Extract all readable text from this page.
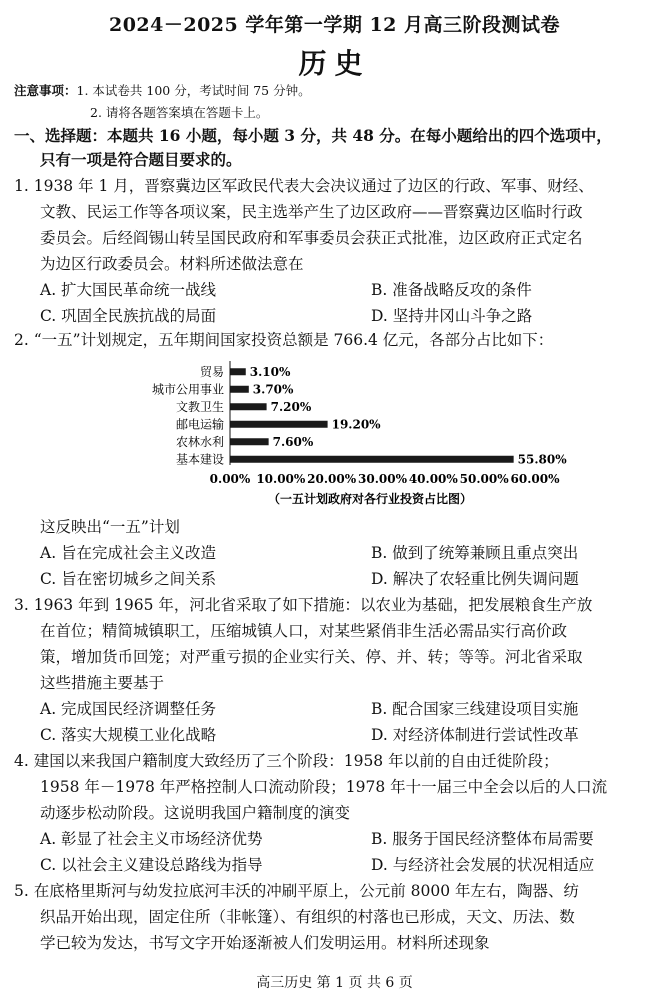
2024－2025 学年第一学期 12 月高三阶段测试卷
历史
注意事项：1. 本试卷共 100 分，考试时间 75 分钟。
2. 请将各题答案填在答题卡上。
一、选择题：本题共 16 小题，每小题 3 分，共 48 分。在每小题给出的四个选项中，
只有一项是符合题目要求的。
1. 1938 年 1 月，晋察冀边区军政民代表大会决议通过了边区的行政、军事、财经、
文教、民运工作等各项议案，民主选举产生了边区政府——晋察冀边区临时行政
委员会。后经阎锡山转呈国民政府和军事委员会获正式批准，边区政府正式定名
为边区行政委员会。材料所述做法意在
A. 扩大国民革命统一战线	B. 准备战略反攻的条件
C. 巩固全民族抗战的局面	D. 坚持井冈山斗争之路
2. “一五”计划规定，五年期间国家投资总额是 766.4 亿元，各部分占比如下：
贸易
城市公用事业
文教卫生
邮电运输
农林水利
基本建设
3.10%
3.70%
7.20%
19.20%
7.60%
55.80%
0.00% 10.00% 20.00% 30.00% 40.00% 50.00% 60.00%
（一五计划政府对各行业投资占比图）
这反映出“一五”计划
A. 旨在完成社会主义改造	B. 做到了统筹兼顾且重点突出
C. 旨在密切城乡之间关系	D. 解决了农轻重比例失调问题
3. 1963 年到 1965 年，河北省采取了如下措施：以农业为基础，把发展粮食生产放
在首位；精简城镇职工，压缩城镇人口，对某些紧俏非生活必需品实行高价政
策，增加货币回笼；对严重亏损的企业实行关、停、并、转；等等。河北省采取
这些措施主要基于
A. 完成国民经济调整任务	B. 配合国家三线建设项目实施
C. 落实大规模工业化战略	D. 对经济体制进行尝试性改革
4. 建国以来我国户籍制度大致经历了三个阶段：1958 年以前的自由迁徙阶段；
1958 年－1978 年严格控制人口流动阶段；1978 年十一届三中全会以后的人口流
动逐步松动阶段。这说明我国户籍制度的演变
A. 彰显了社会主义市场经济优势	B. 服务于国民经济整体布局需要
C. 以社会主义建设总路线为指导	D. 与经济社会发展的状况相适应
5. 在底格里斯河与幼发拉底河丰沃的冲刷平原上，公元前 8000 年左右，陶器、纺
织品开始出现，固定住所（非帐篷）、有组织的村落也已形成，天文、历法、数
学已较为发达，书写文字开始逐渐被人们发明运用。材料所述现象
高三历史 第 1 页 共 6 页
